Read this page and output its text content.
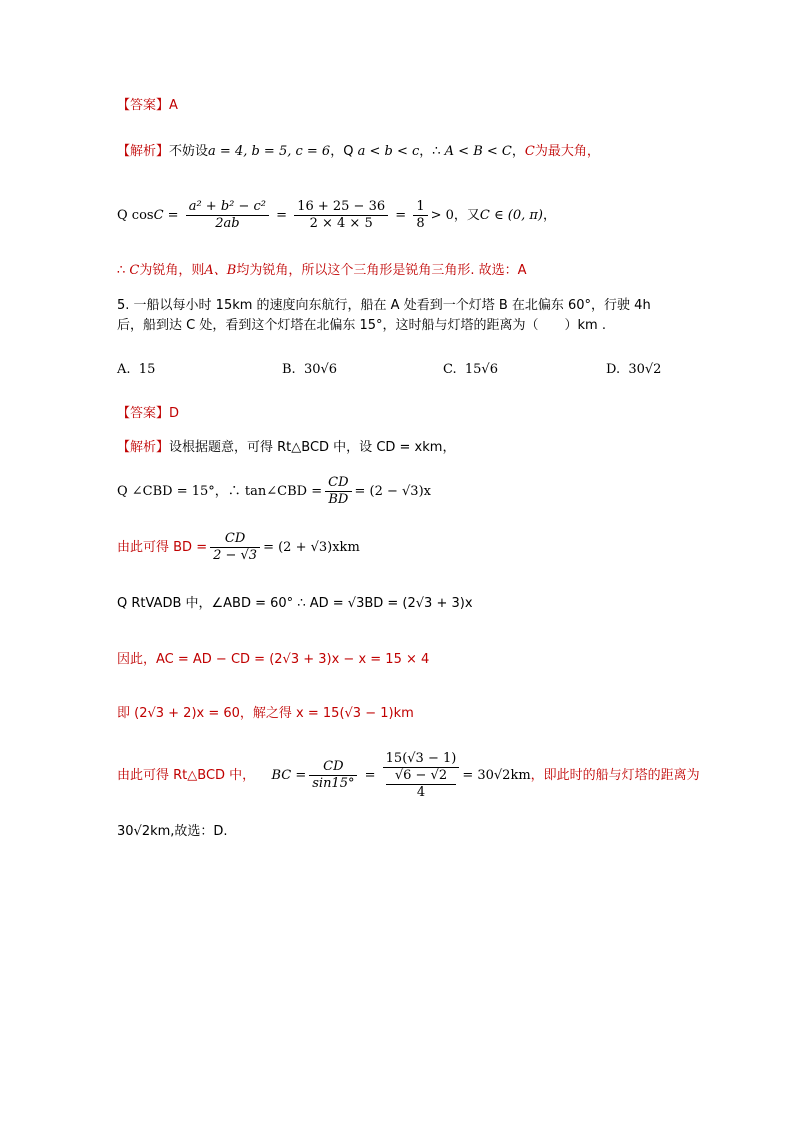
【答案】A
【解析】不妨设a = 4, b = 5, c = 6，Q a < b < c，∴ A < B < C，C为最大角，
Q $\cos C = \frac{\text{a² + b² − c²}}{2ab} = \frac{16 + 25 - 36}{2 \times 4 \times 5} = \frac{1}{8} > 0$，又C ∈ (0, π)，
∴ C为锐角，则A、B均为锐角，所以这个三角形是锐角三角形. 故选：A
5. 一船以每小时 15km 的速度向东航行，船在 A 处看到一个灯塔 B 在北偏东 60°，行驶 4h
后，船到达 C 处，看到这个灯塔在北偏东 15°，这时船与灯塔的距离为（　　）km .
A. 15	B. 30√6	C. 15√6	D. 30√2
【答案】D
【解析】设根据题意，可得 Rt△BCD 中，设 CD = xkm，
Q ∠CBD = 15°，∴ tan∠CBD = $\frac{CD}{BD} = (2 - √3)x$
由此可得 BD = $\frac{CD}{2 - √3} = (2 + √3)xkm$
Q RtVADB 中，∠ABD = 60° ∴ AD = √3BD = (2√3 + 3)x
因此，AC = AD − CD = (2√3 + 3)x − x = 15 × 4
即 (2√3 + 2)x = 60，解之得 x = 15(√3 − 1)km
由此可得 Rt△BCD 中， BC = $\frac{CD}{\sin 15^\circ} = 15(√3 - 1)$
√6 − √2
4 = 30√2km，即此时的船与灯塔的距离为
30√2km,故选：D.
